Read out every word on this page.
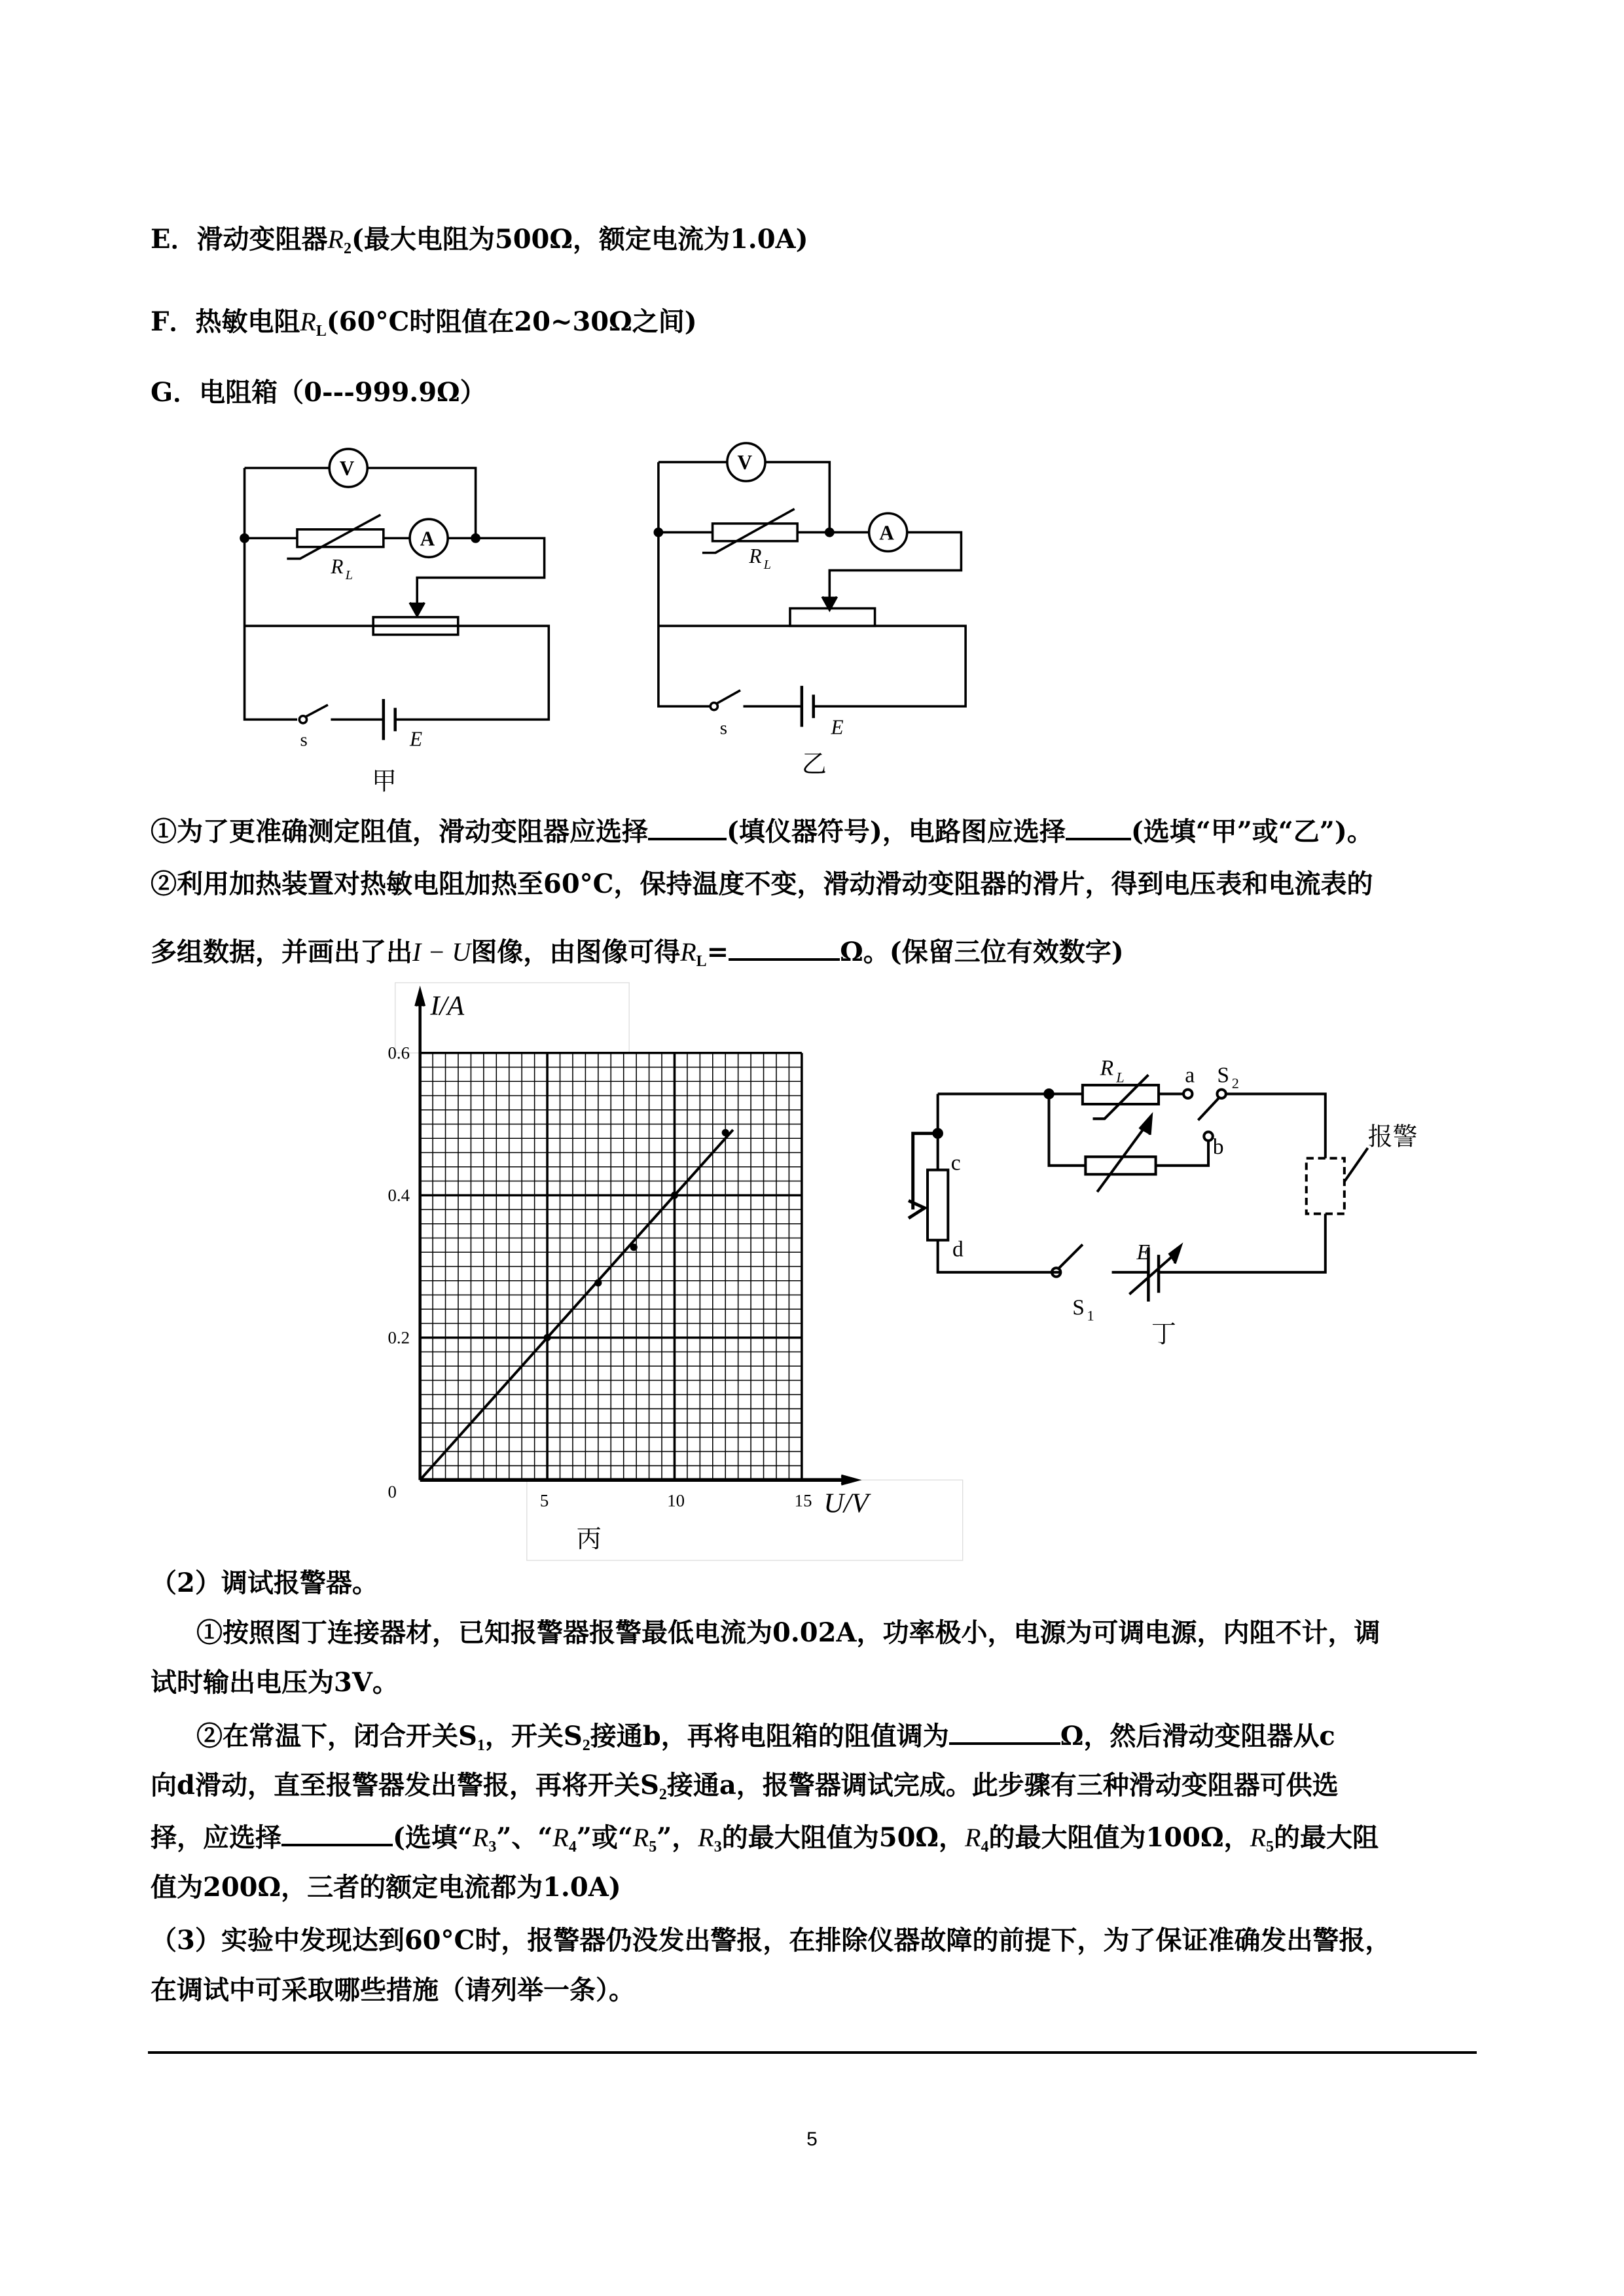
E．滑动变阻器$R_2$(最大电阻为500Ω，额定电流为1.0A)
F．热敏电阻$R_L(60^\circ C$时阻值在20~30Ω之间)
G．电阻箱（0---999.9Ω）
①为了更准确测定阻值，滑动变阻器应选择	(填仪器符号)，电路图应选择	(选填“甲”或“乙”)。
②利用加热装置对热敏电阻加热至60°C，保持温度不变，滑动滑动变阻器的滑片，得到电压表和电流表的
多组数据，并画出了出I − U图像，由图像可得$R_L=$	Ω。(保留三位有效数字)
（2）调试报警器。
①按照图丁连接器材，已知报警器报警最低电流为0.02A，功率极小，电源为可调电源，内阻不计，调
试时输出电压为3V。
②在常温下，闭合开关$S_1$，开关$S_2$接通b，再将电阻箱的阻值调为	Ω，然后滑动变阻器从c
向d滑动，直至报警器发出警报，再将开关$S_2$接通a，报警器调试完成。此步骤有三种滑动变阻器可供选
择，应选择	(选填“$R_3$”、“$R_4$”或“$R_5$”，$R_3$的最大阻值为50Ω，$R_4$的最大阻值为100Ω，$R_5$的最大阻
值为200Ω，三者的额定电流都为1.0A)
（3）实验中发现达到60°C时，报警器仍没发出警报，在排除仪器故障的前提下，为了保证准确发出警报，
在调试中可采取哪些措施（请列举一条）。
V
A
R L
s	E
甲
V
A
R L
s	E
乙
0	5	10	15
0.2
0.4
0.6
I/A
U/V
丙
R L	a S 2
b
c
d
报警
E
S 1
丁
5
